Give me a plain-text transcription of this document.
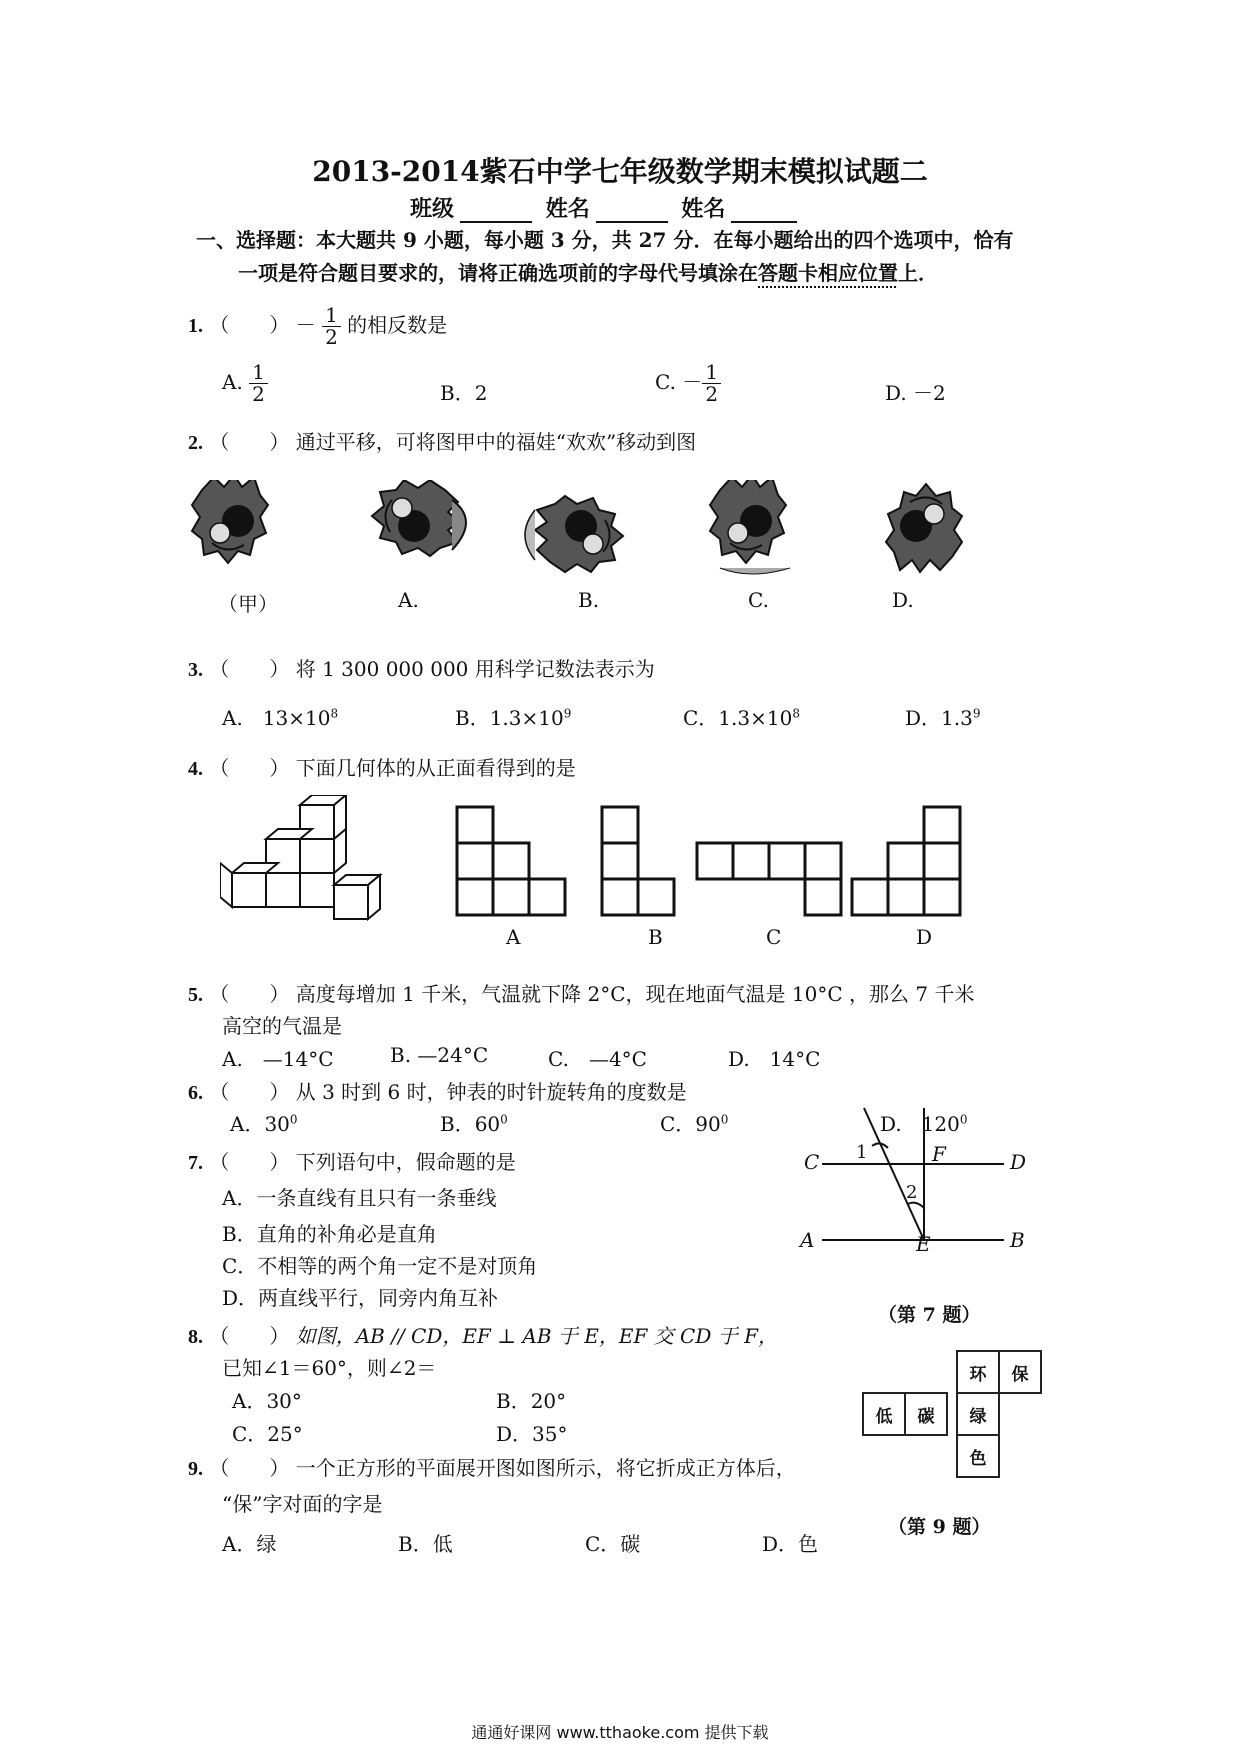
2013-2014紫石中学七年级数学期末模拟试题二
班级	姓名	姓名
一、选择题：本大题共 9 小题，每小题 3 分，共 27 分．在每小题给出的四个选项中，恰有
一项是符合题目要求的，请将正确选项前的字母代号填涂在答题卡相应位置上．
1. （　　） － $\frac{1}{2}$ 的相反数是
A. $\frac{1}{2}$	B．2	C. － $\frac{1}{2}$	D. －2
2. （　　） 通过平移，可将图甲中的福娃“欢欢”移动到图
（甲）	A.	B.	C.	D.
3. （　　） 将 1 300 000 000 用科学记数法表示为
A.　$13\times 10^8$	B．$1.3\times 10^9$	C．$1.3\times 10^8$	D．$1.3^9$
4. （　　） 下面几何体的从正面看得到的是
A	B	C	D
5. （　　） 高度每增加 1 千米，气温就下降 2°C，现在地面气温是 10°C ，那么 7 千米
高空的气温是
A.　—14°C	B. —24°C	C.　—4°C	D.　14°C
6. （　　） 从 3 时到 6 时，钟表的时针旋转角的度数是
A．$30^0$	B．$60^0$	C．$90^0$	D.　$120^0$
7. （　　） 下列语句中，假命题的是
A．一条直线有且只有一条垂线
B．直角的补角必是直角
C．不相等的两个角一定不是对顶角
D．两直线平行，同旁内角互补
C	D
A	B
E
F
1
2
（第 7 题）
8. （　　） 如图，AB // CD，EF ⊥ AB 于 E，EF 交 CD 于 F，
已知∠1＝60°，则∠2＝
A．30°	B．20°
C．25°	D．35°
环	保
低	碳	绿
色
（第 9 题）
9. （　　） 一个正方形的平面展开图如图所示，将它折成正方体后，
“保”字对面的字是
A．绿	B．低	C．碳	D．色
通通好课网 www.tthaoke.com 提供下载
